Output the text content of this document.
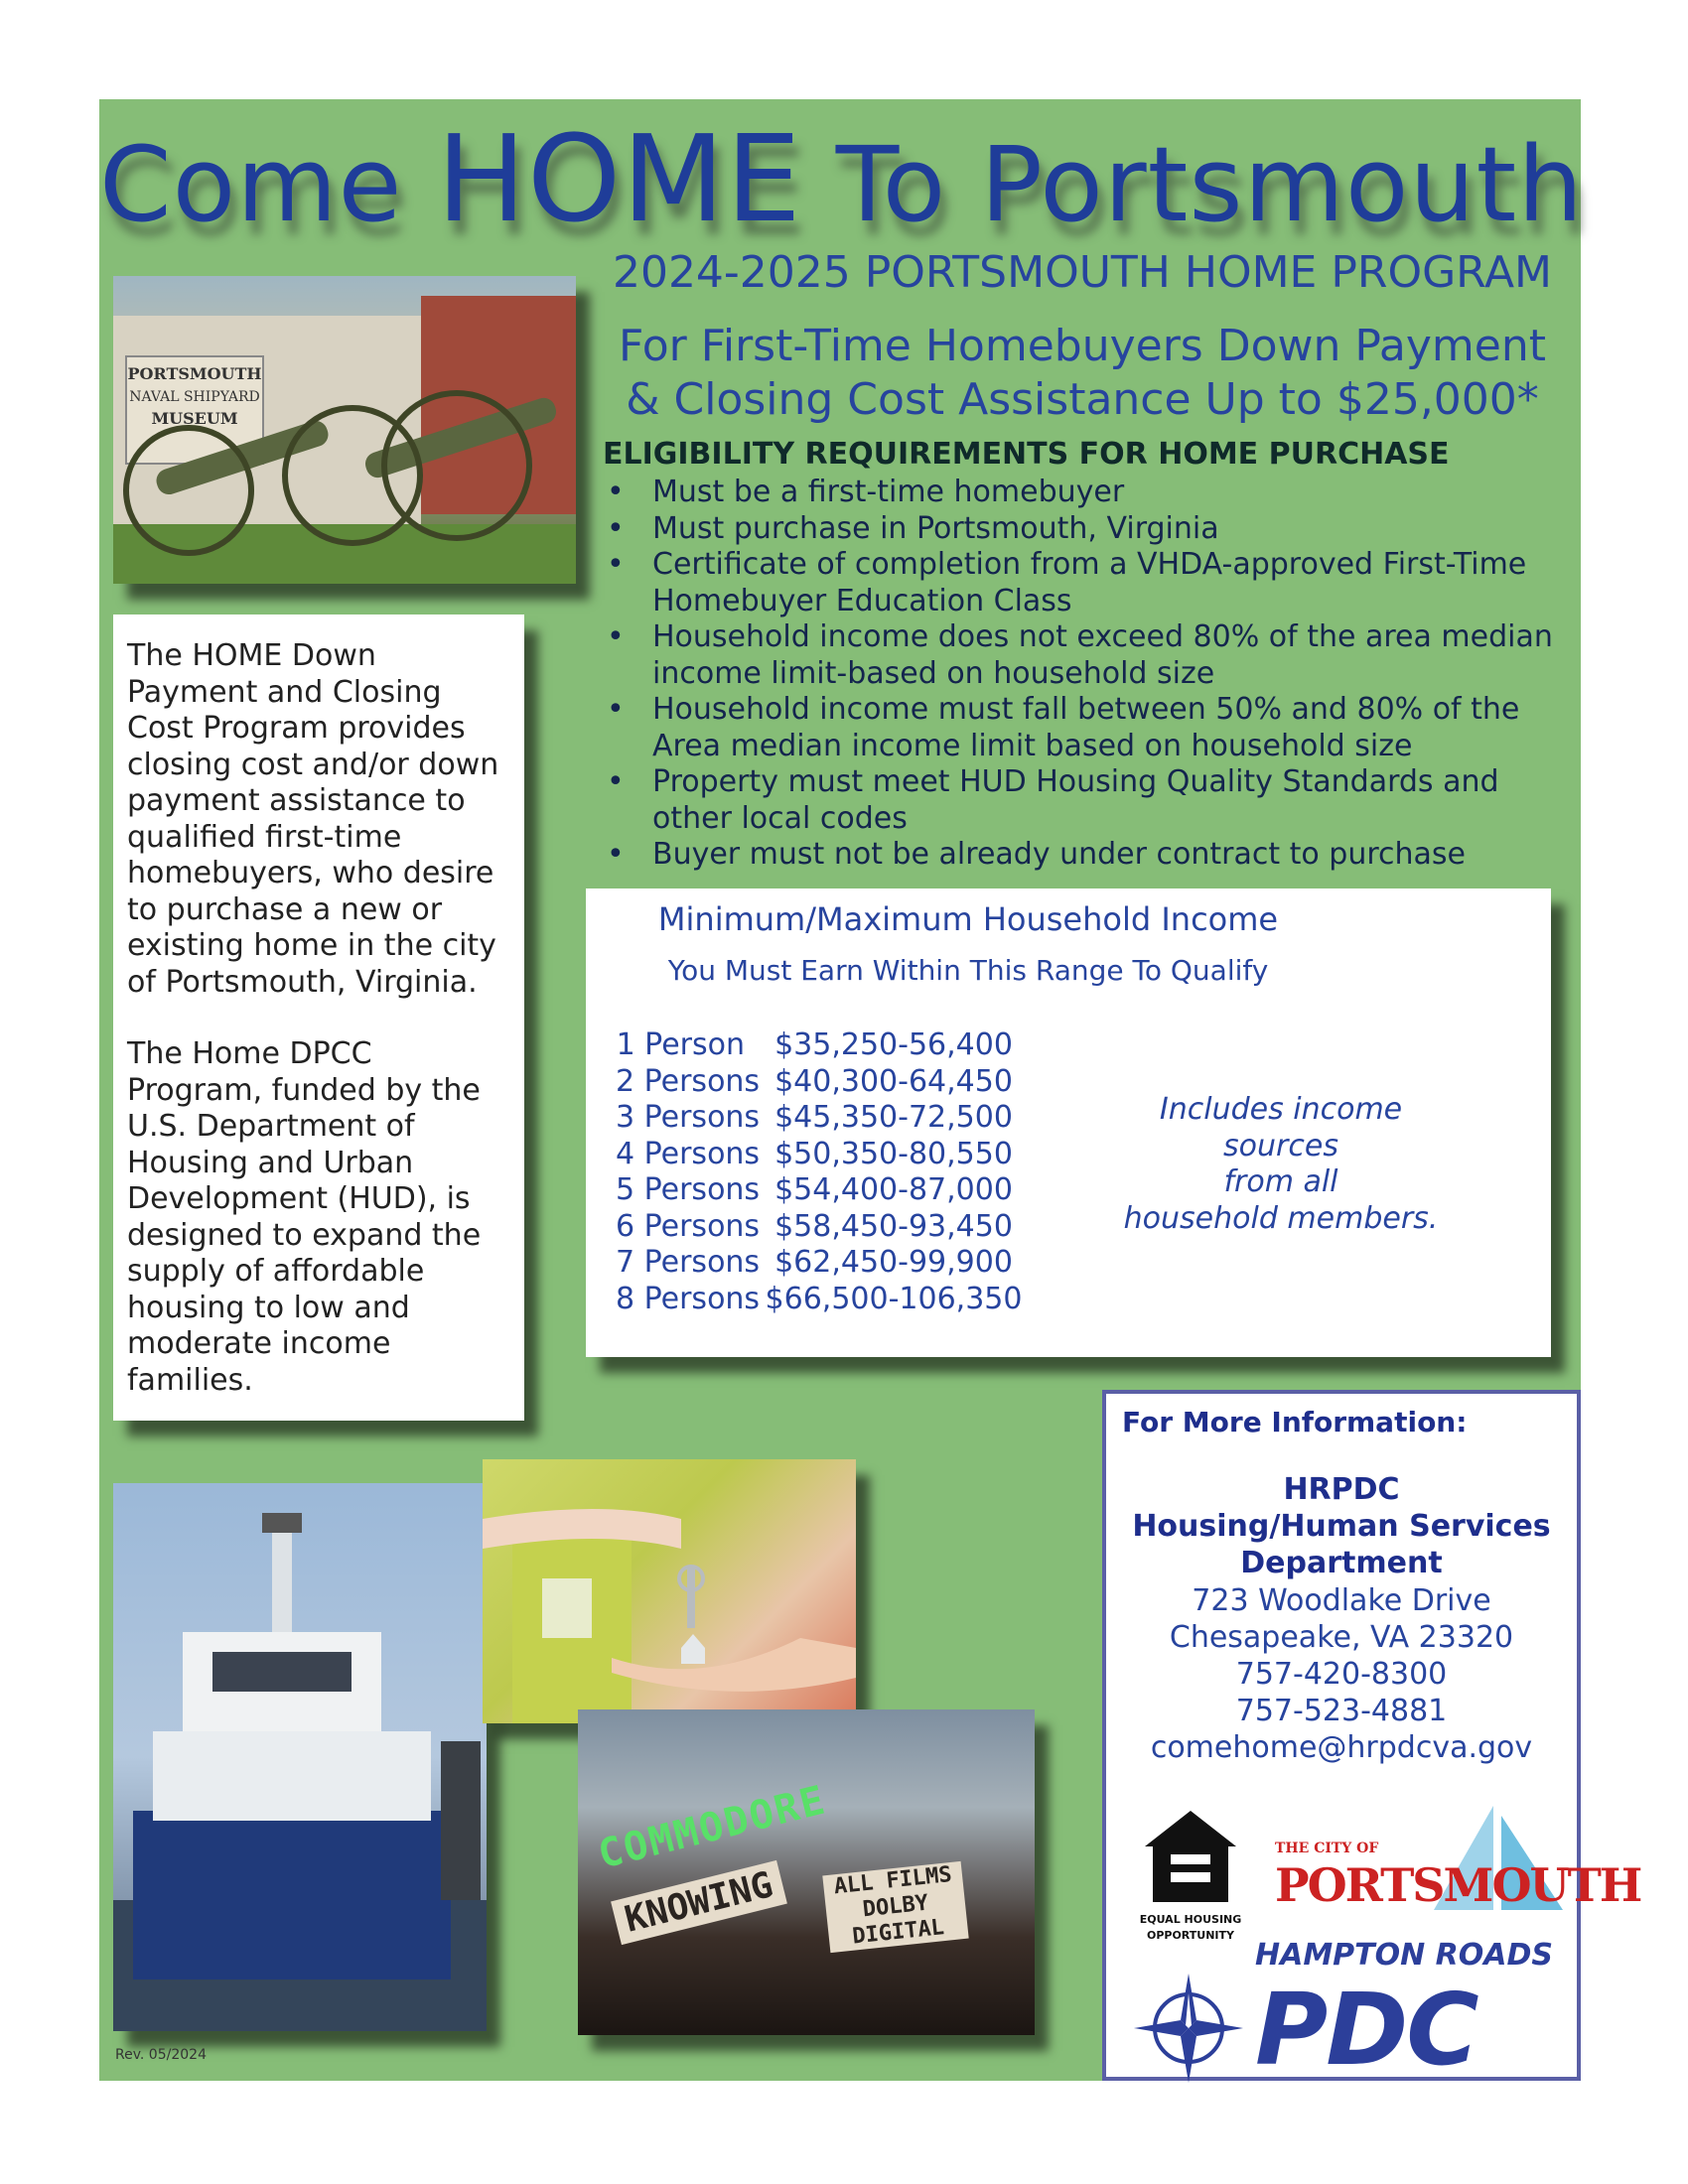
Come HOME To Portsmouth
2024-2025 PORTSMOUTH HOME PROGRAM
For First-Time Homebuyers Down Payment
& Closing Cost Assistance Up to $25,000*
PORTSMOUTH
NAVAL SHIPYARD
MUSEUM
ELIGIBILITY REQUIREMENTS FOR HOME PURCHASE
• Must be a first-time homebuyer
• Must purchase in Portsmouth, Virginia
• Certificate of completion from a VHDA-approved First-Time Homebuyer Education Class
• Household income does not exceed 80% of the area median income limit-based on household size
• Household income must fall between 50% and 80% of the Area median income limit based on household size
• Property must meet HUD Housing Quality Standards and other local codes
• Buyer must not be already under contract to purchase

The HOME Down Payment and Closing Cost Program provides closing cost and/or down payment assistance to qualified first-time homebuyers, who desire to purchase a new or existing home in the city of Portsmouth, Virginia.

The Home DPCC Program, funded by the U.S. Department of Housing and Urban Development (HUD), is designed to expand the supply of affordable housing to low and moderate income families.

Minimum/Maximum Household Income
You Must Earn Within This Range To Qualify
1 Person $35,250-56,400
2 Persons $40,300-64,450
3 Persons $45,350-72,500
4 Persons $50,350-80,550
5 Persons $54,400-87,000
6 Persons $58,450-93,450
7 Persons $62,450-99,900
8 Persons $66,500-106,350
Includes income sources
from all
household members.
For More Information:
HRPDC
Housing/Human Services
Department
723 Woodlake Drive
Chesapeake, VA 23320
757-420-8300
757-523-4881
comehome@hrpdcva.gov
EQUAL HOUSING
OPPORTUNITY
THE CITY OF
PORTSMOUTH
HAMPTON ROADS
PDC
COMMODORE
KNOWING	ALL FILMS
DOLBY
DIGITAL
Rev. 05/2024
